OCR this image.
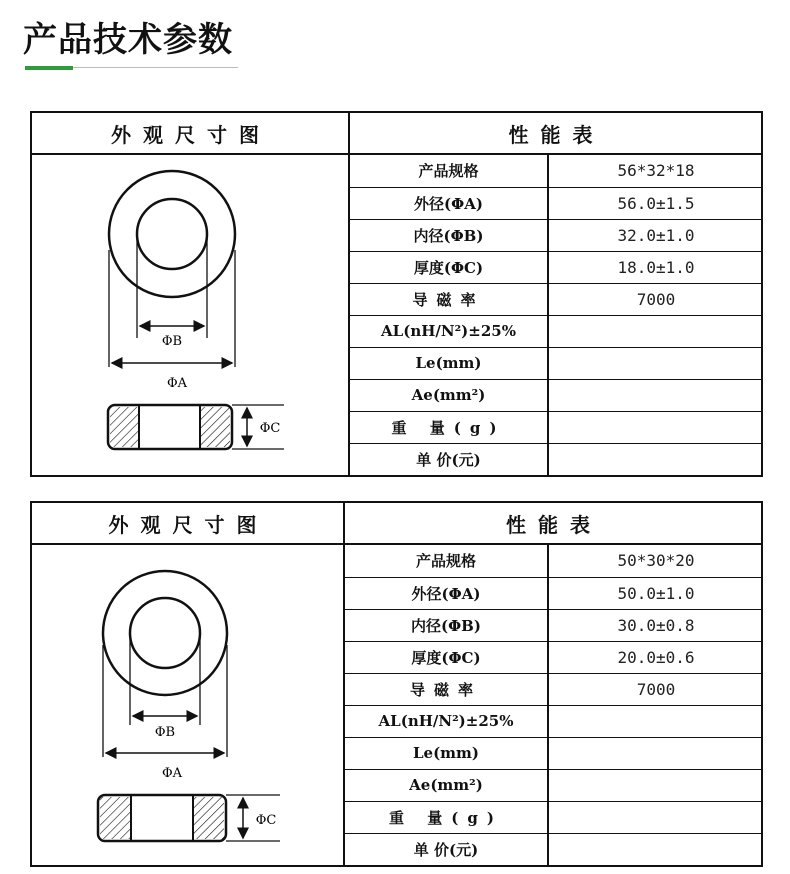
产品技术参数
外观尺寸图	性能表
ΦB
ΦA
ΦC
产品规格	56*32*18
外径(ΦA)	56.0±1.5
内径(ΦB)	32.0±1.0
厚度(ΦC)	18.0±1.0
导磁率	7000
AL(nH/N²)±25%	
Le(mm)	
Ae(mm²)	
重 量(g)	
单 价(元)	
外观尺寸图	性能表
ΦB
ΦA
ΦC
产品规格	50*30*20
外径(ΦA)	50.0±1.0
内径(ΦB)	30.0±0.8
厚度(ΦC)	20.0±0.6
导磁率	7000
AL(nH/N²)±25%	
Le(mm)	
Ae(mm²)	
重 量(g)	
单 价(元)	
